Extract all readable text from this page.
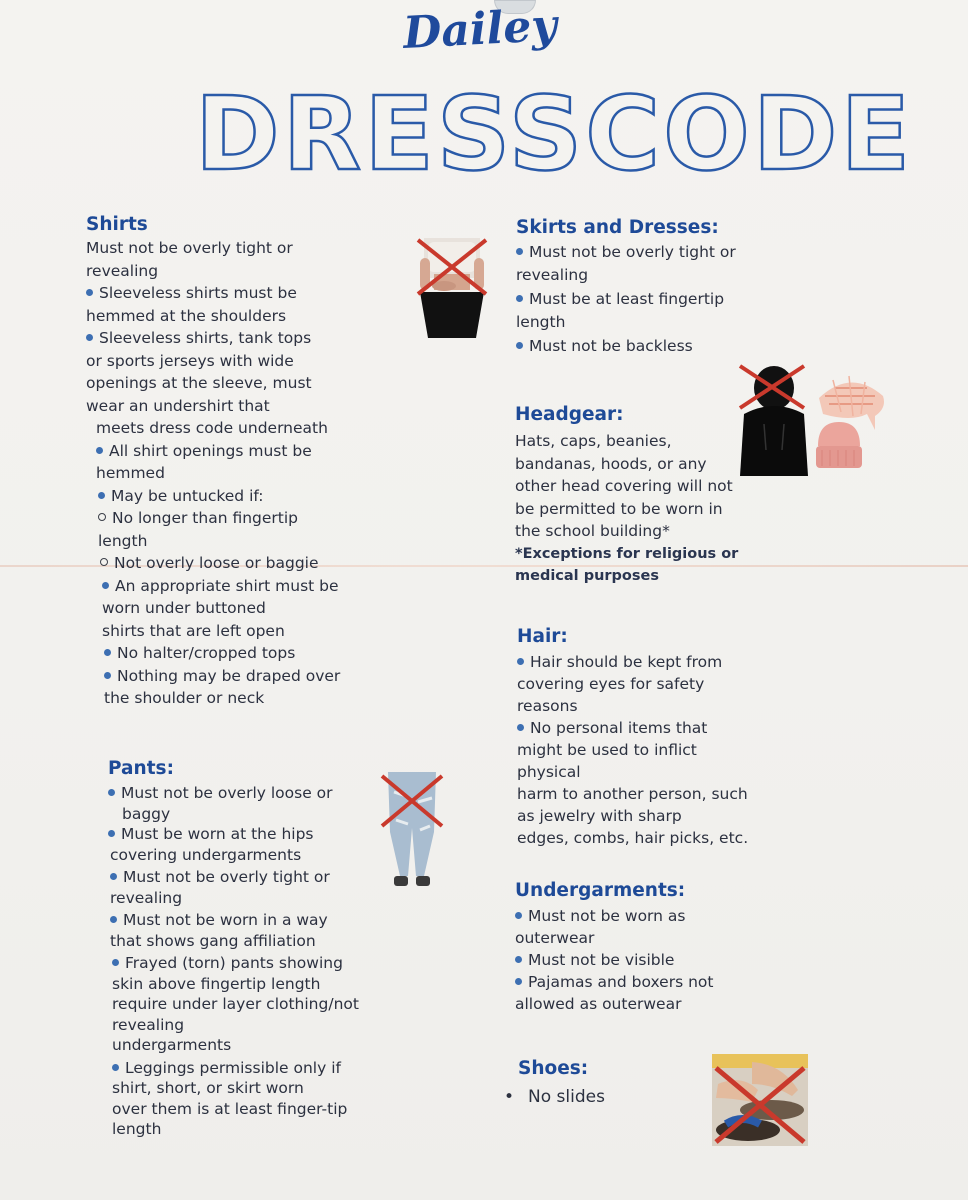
Dailey
DRESSCODE
Shirts
Must not be overly tight or
revealing
Sleeveless shirts must be
hemmed at the shoulders
Sleeveless shirts, tank tops
or sports jerseys with wide
openings at the sleeve, must
wear an undershirt that
meets dress code underneath
All shirt openings must be
hemmed
May be untucked if:
No longer than fingertip
length
Not overly loose or baggie
An appropriate shirt must be
worn under buttoned
shirts that are left open
No halter/cropped tops
Nothing may be draped over
the shoulder or neck
Pants:
Must not be overly loose or
baggy
Must be worn at the hips
covering undergarments
Must not be overly tight or
revealing
Must not be worn in a way
that shows gang affiliation
Frayed (torn) pants showing
skin above fingertip length
require under layer clothing/not
revealing
undergarments
Leggings permissible only if
shirt, short, or skirt worn
over them is at least finger-tip
length
Skirts and Dresses:
Must not be overly tight or
revealing
Must be at least fingertip
length
Must not be backless
Headgear:
Hats, caps, beanies,
bandanas, hoods, or any
other head covering will not
be permitted to be worn in
the school building*
*Exceptions for religious or
medical purposes
Hair:
Hair should be kept from
covering eyes for safety
reasons
No personal items that
might be used to inflict
physical
harm to another person, such
as jewelry with sharp
edges, combs, hair picks, etc.
Undergarments:
Must not be worn as
outerwear
Must not be visible
Pajamas and boxers not
allowed as outerwear
Shoes:
• No slides
